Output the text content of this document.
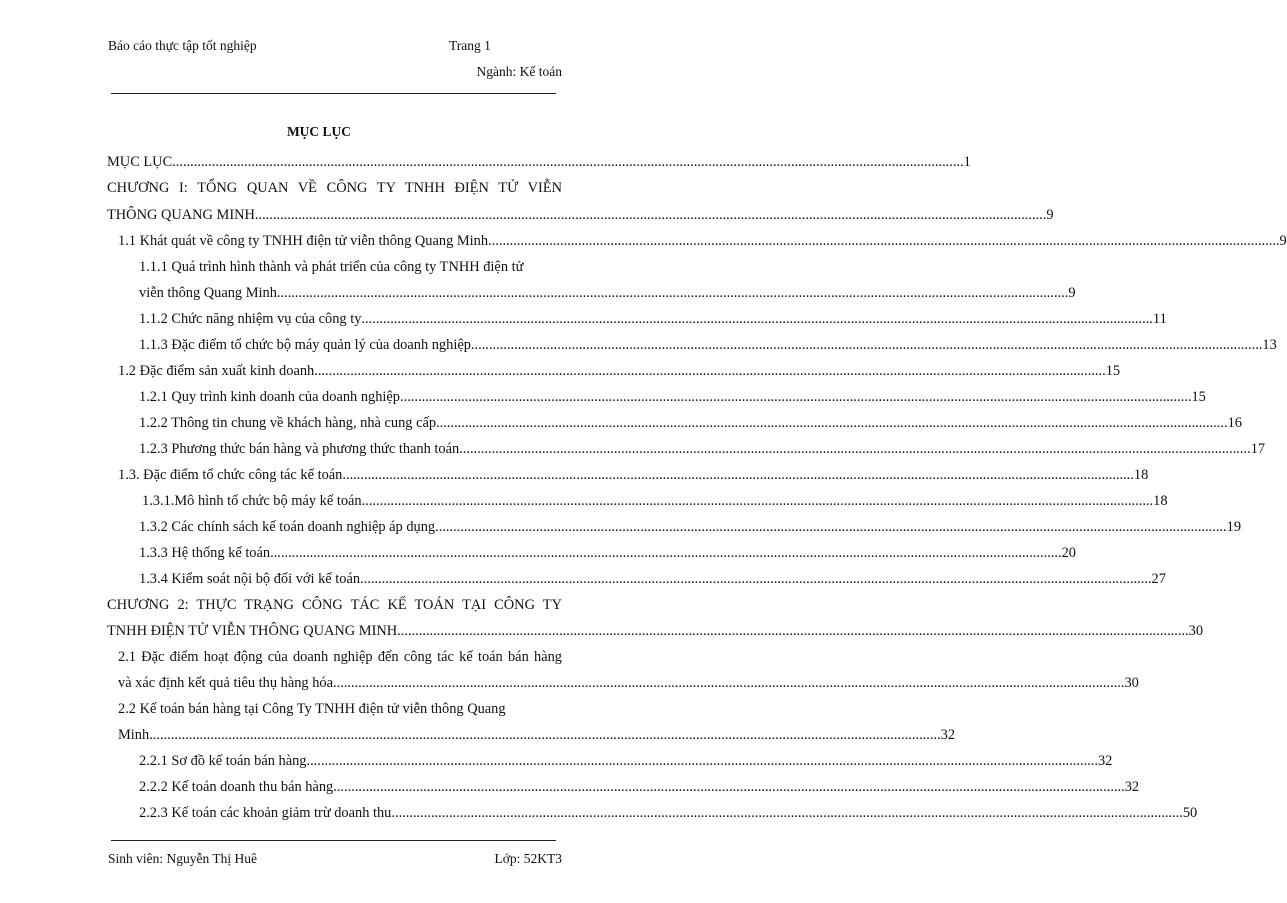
Báo cáo thực tập tốt nghiệp	Trang 1
Ngành: Kế toán
MỤC LỤC
MỤC LỤC ............................................................................................................................................................................................................................ 1
CHƯƠNG I: TỔNG QUAN VỀ CÔNG TY TNHH ĐIỆN TỬ VIỄN
THÔNG QUANG MINH ............................................................................................................................................................................................................................ 9
1.1 Khát quát về công ty TNHH điện tử viễn thông Quang Minh ............................................................................................................................................................................................................................ 9
1.1.1 Quá trình hình thành và phát triển của công ty TNHH điện tử
viễn thông Quang Minh ............................................................................................................................................................................................................................ 9
1.1.2 Chức năng nhiệm vụ của công ty ............................................................................................................................................................................................................................ 11
1.1.3 Đặc điểm tổ chức bộ máy quản lý của doanh nghiệp ............................................................................................................................................................................................................................ 13
1.2 Đặc điểm sản xuất kinh doanh ............................................................................................................................................................................................................................ 15
1.2.1 Quy trình kinh doanh của doanh nghiệp ............................................................................................................................................................................................................................ 15
1.2.2 Thông tin chung về khách hàng, nhà cung cấp ............................................................................................................................................................................................................................ 16
1.2.3 Phương thức bán hàng và phương thức thanh toán ............................................................................................................................................................................................................................ 17
1.3. Đặc điểm tổ chức công tác kế toán ............................................................................................................................................................................................................................ 18
1.3.1.Mô hình tổ chức bộ máy kế toán ............................................................................................................................................................................................................................ 18
1.3.2 Các chính sách kế toán doanh nghiệp áp dụng ............................................................................................................................................................................................................................ 19
1.3.3 Hệ thống kế toán ............................................................................................................................................................................................................................ 20
1.3.4 Kiểm soát nội bộ đối với kế toán ............................................................................................................................................................................................................................ 27
CHƯƠNG 2: THỰC TRẠNG CÔNG TÁC KẾ TOÁN TẠI CÔNG TY
TNHH ĐIỆN TỬ VIỄN THÔNG QUANG MINH ............................................................................................................................................................................................................................ 30
2.1 Đặc điểm hoạt động của doanh nghiệp đến công tác kế toán bán hàng
và xác định kết quả tiêu thụ hàng hóa ............................................................................................................................................................................................................................ 30
2.2 Kế toán bán hàng tại Công Ty TNHH điện tử viễn thông Quang
Minh ............................................................................................................................................................................................................................ 32
2.2.1 Sơ đồ kế toán bán hàng ............................................................................................................................................................................................................................ 32
2.2.2 Kế toán doanh thu bán hàng ............................................................................................................................................................................................................................ 32
2.2.3 Kế toán các khoản giảm trừ doanh thu ............................................................................................................................................................................................................................ 50
Sinh viên: Nguyễn Thị Huê	Lớp: 52KT3
